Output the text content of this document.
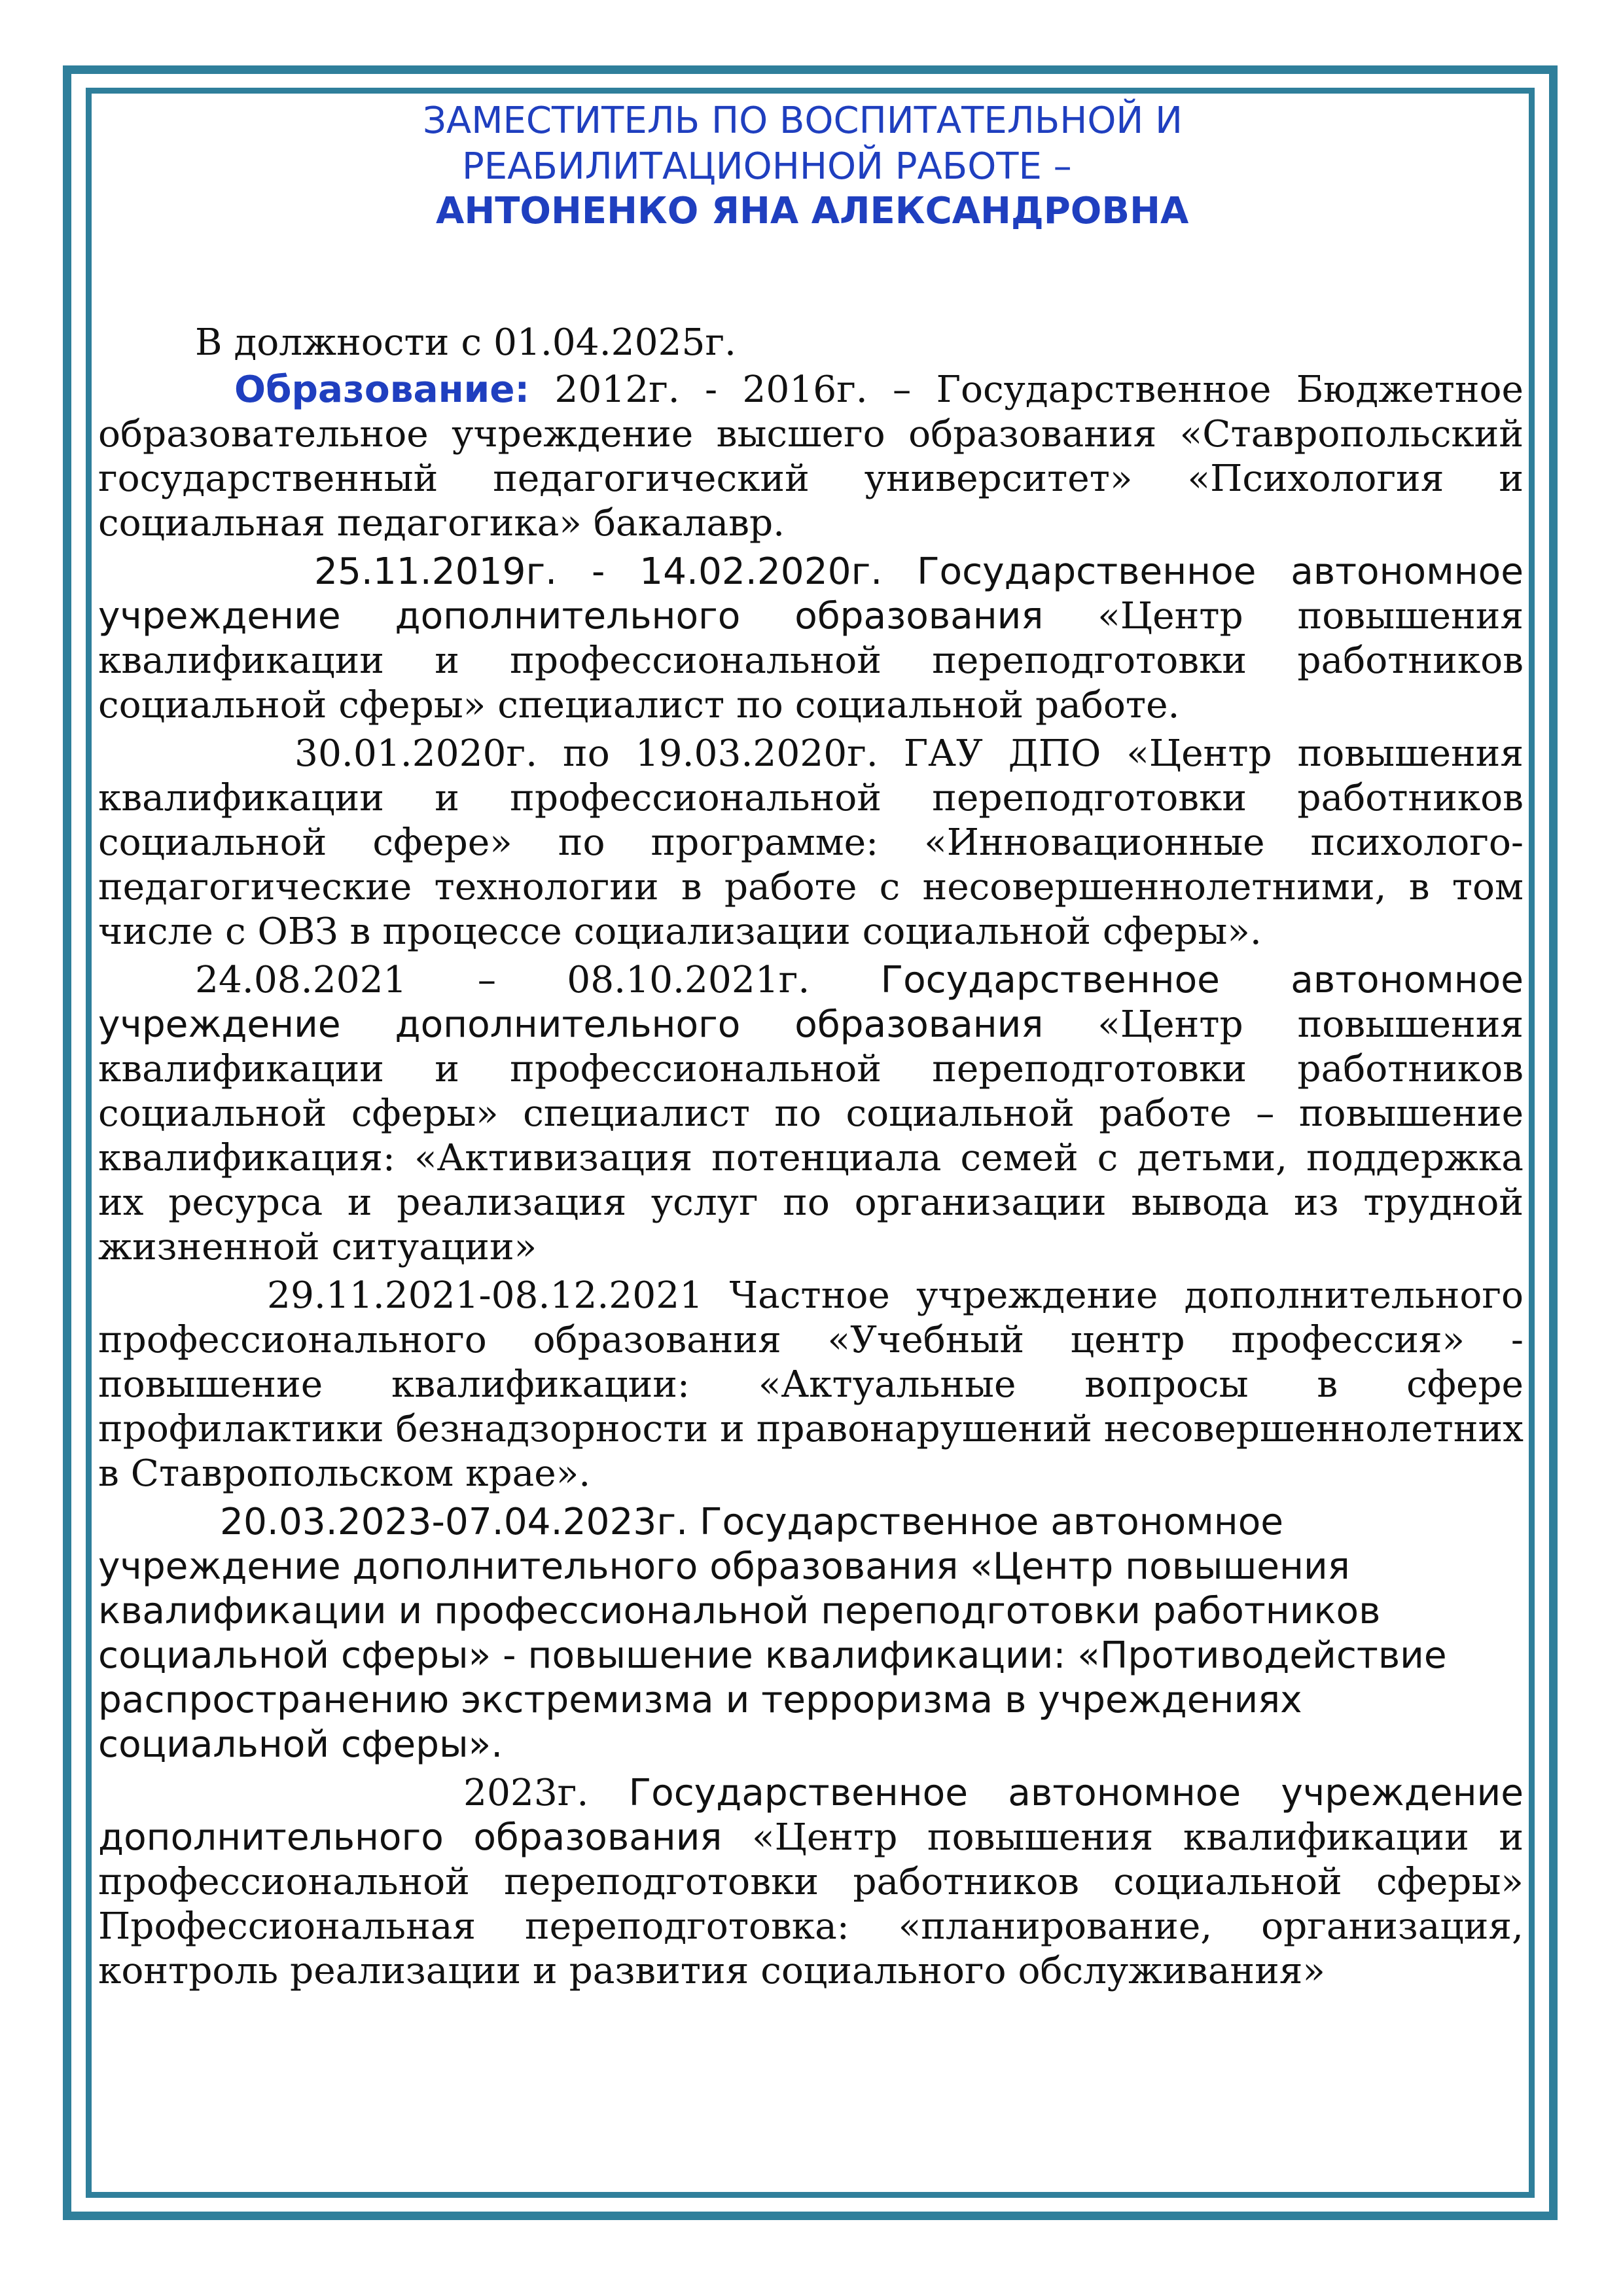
ЗАМЕСТИТЕЛЬ ПО ВОСПИТАТЕЛЬНОЙ И
РЕАБИЛИТАЦИОННОЙ РАБОТЕ –
АНТОНЕНКО ЯНА АЛЕКСАНДРОВНА

В должности с 01.04.2025г.

Образование: 2012г. - 2016г. – Государственное Бюджетное образовательное учреждение высшего образования «Ставропольский государственный педагогический университет» «Психология и социальная педагогика» бакалавр.

25.11.2019г. - 14.02.2020г. Государственное автономное учреждение дополнительного образования «Центр повышения квалификации и профессиональной переподготовки работников социальной сферы» специалист по социальной работе.

30.01.2020г. по 19.03.2020г. ГАУ ДПО «Центр повышения квалификации и профессиональной переподготовки работников социальной сфере» по программе: «Инновационные психолого-педагогические технологии в работе с несовершеннолетними, в том числе с ОВЗ в процессе социализации социальной сферы».

24.08.2021 – 08.10.2021г. Государственное автономное учреждение дополнительного образования «Центр повышения квалификации и профессиональной переподготовки работников социальной сферы» специалист по социальной работе – повышение квалификация: «Активизация потенциала семей с детьми, поддержка их ресурса и реализация услуг по организации вывода из трудной жизненной ситуации»

29.11.2021-08.12.2021 Частное учреждение дополнительного профессионального образования «Учебный центр профессия» - повышение квалификации: «Актуальные вопросы в сфере профилактики безнадзорности и правонарушений несовершеннолетних в Ставропольском крае».

20.03.2023-07.04.2023г. Государственное автономное учреждение дополнительного образования «Центр повышения квалификации и профессиональной переподготовки работников социальной сферы» - повышение квалификации: «Противодействие распространению экстремизма и терроризма в учреждениях социальной сферы».

2023г. Государственное автономное учреждение дополнительного образования «Центр повышения квалификации и профессиональной переподготовки работников социальной сферы» Профессиональная переподготовка: «планирование, организация, контроль реализации и развития социального обслуживания»
